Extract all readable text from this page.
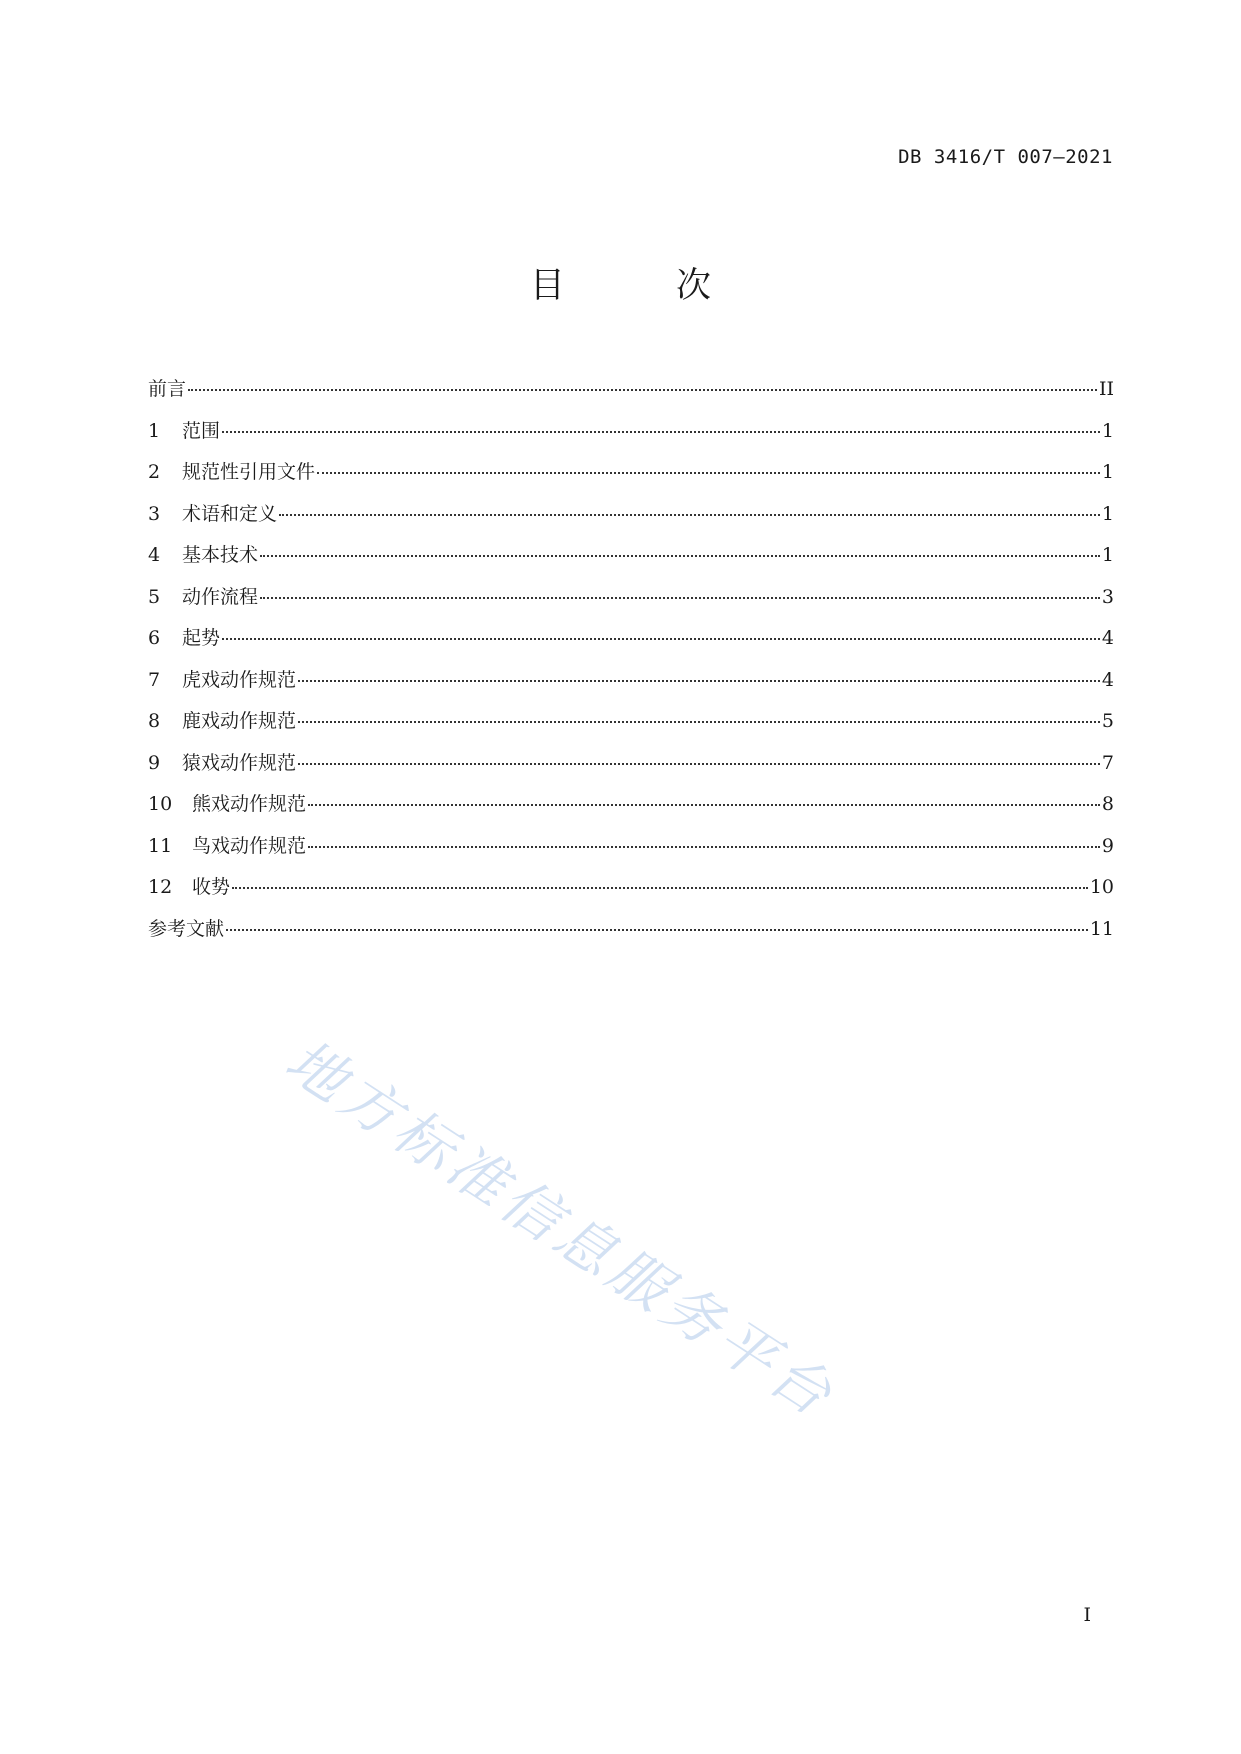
DB 3416/T 007—2021
目 次
前言	II
1	范围	1
2	规范性引用文件	1
3	术语和定义	1
4	基本技术	1
5	动作流程	3
6	起势	4
7	虎戏动作规范	4
8	鹿戏动作规范	5
9	猿戏动作规范	7
10	熊戏动作规范	8
11	鸟戏动作规范	9
12	收势	10
参考文献	11
地方标准信息服务平台
I
